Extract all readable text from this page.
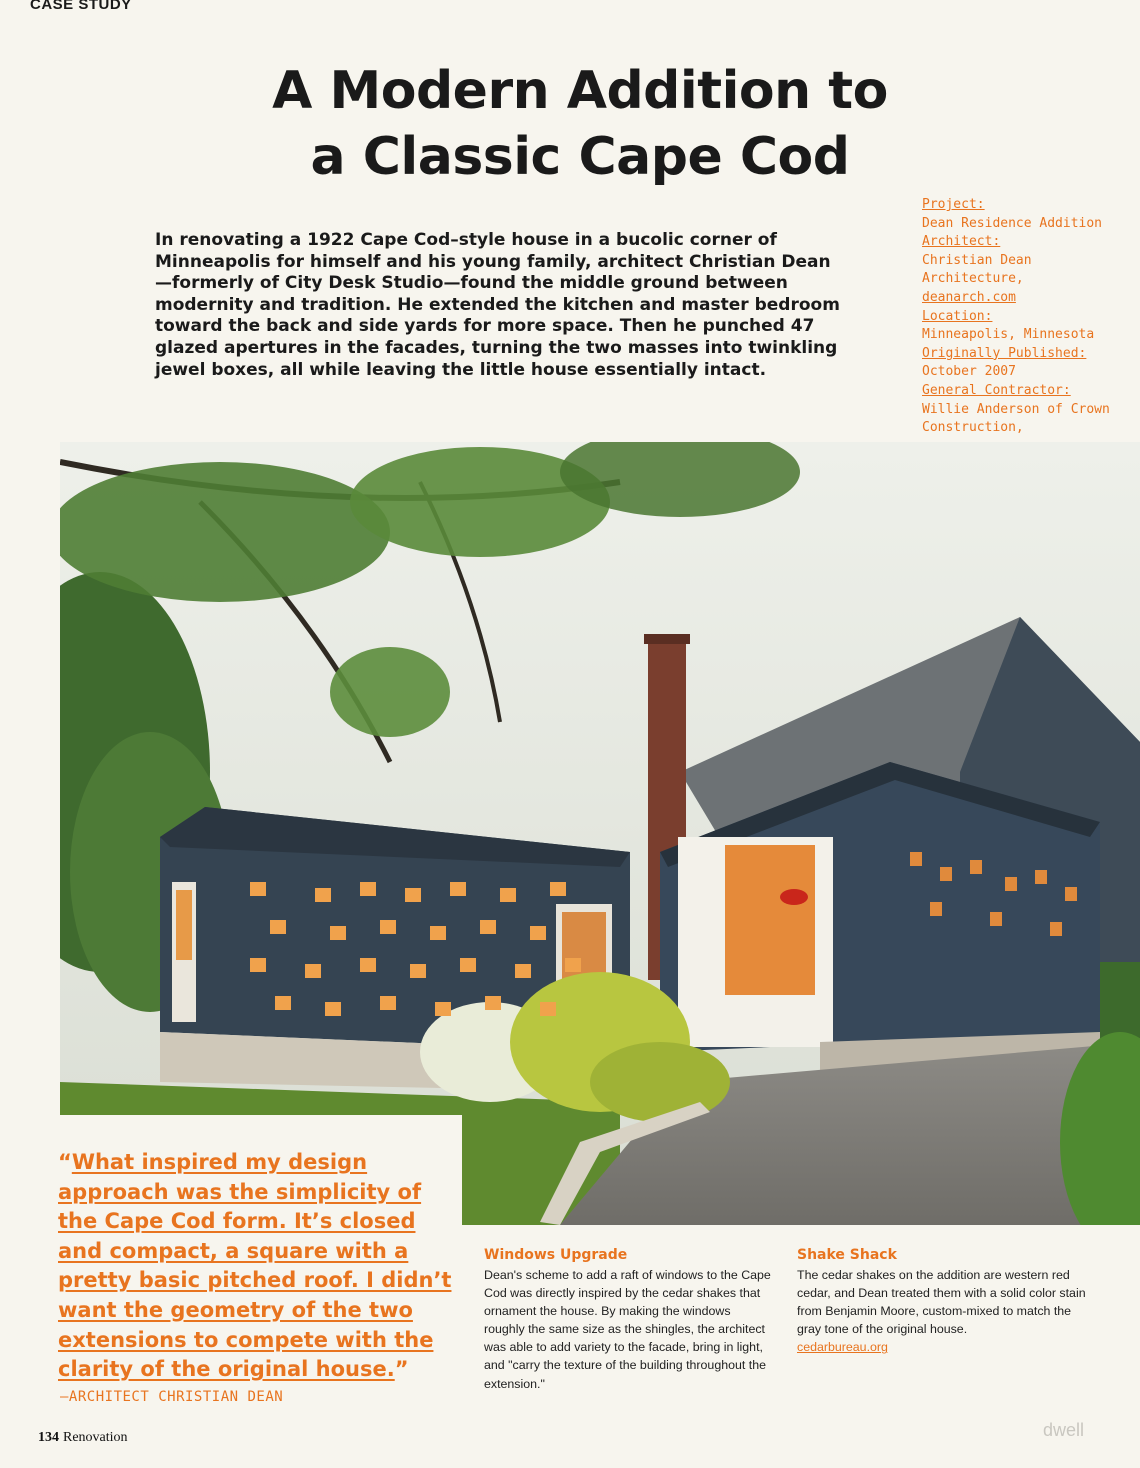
CASE STUDY
A Modern Addition to
a Classic Cape Cod

In renovating a 1922 Cape Cod–style house in a bucolic corner of Minneapolis for himself and his young family, architect Christian Dean—formerly of City Desk Studio—found the middle ground between modernity and tradition. He extended the kitchen and master bedroom toward the back and side yards for more space. Then he punched 47 glazed apertures in the facades, turning the two masses into twinkling jewel boxes, all while leaving the little house essentially intact.

Project:
Dean Residence Addition
Architect:
Christian Dean Architecture,
deanarch.com
Location:
Minneapolis, Minnesota
Originally Published:
October 2007
General Contractor:
Willie Anderson of Crown Construction,

“What inspired my design approach was the simplicity of the Cape Cod form. It’s closed and compact, a square with a pretty basic pitched roof. I didn’t want the geometry of the two extensions to compete with the clarity of the original house.”

–ARCHITECT CHRISTIAN DEAN
Windows Upgrade

Dean's scheme to add a raft of windows to the Cape Cod was directly inspired by the cedar shakes that ornament the house. By making the windows roughly the same size as the shingles, the architect was able to add variety to the facade, bring in light, and "carry the texture of the building throughout the extension."

Shake Shack

The cedar shakes on the addition are western red cedar, and Dean treated them with a solid color stain from Benjamin Moore, custom-mixed to match the gray tone of the original house.

cedarbureau.org
134 Renovation	dwell
